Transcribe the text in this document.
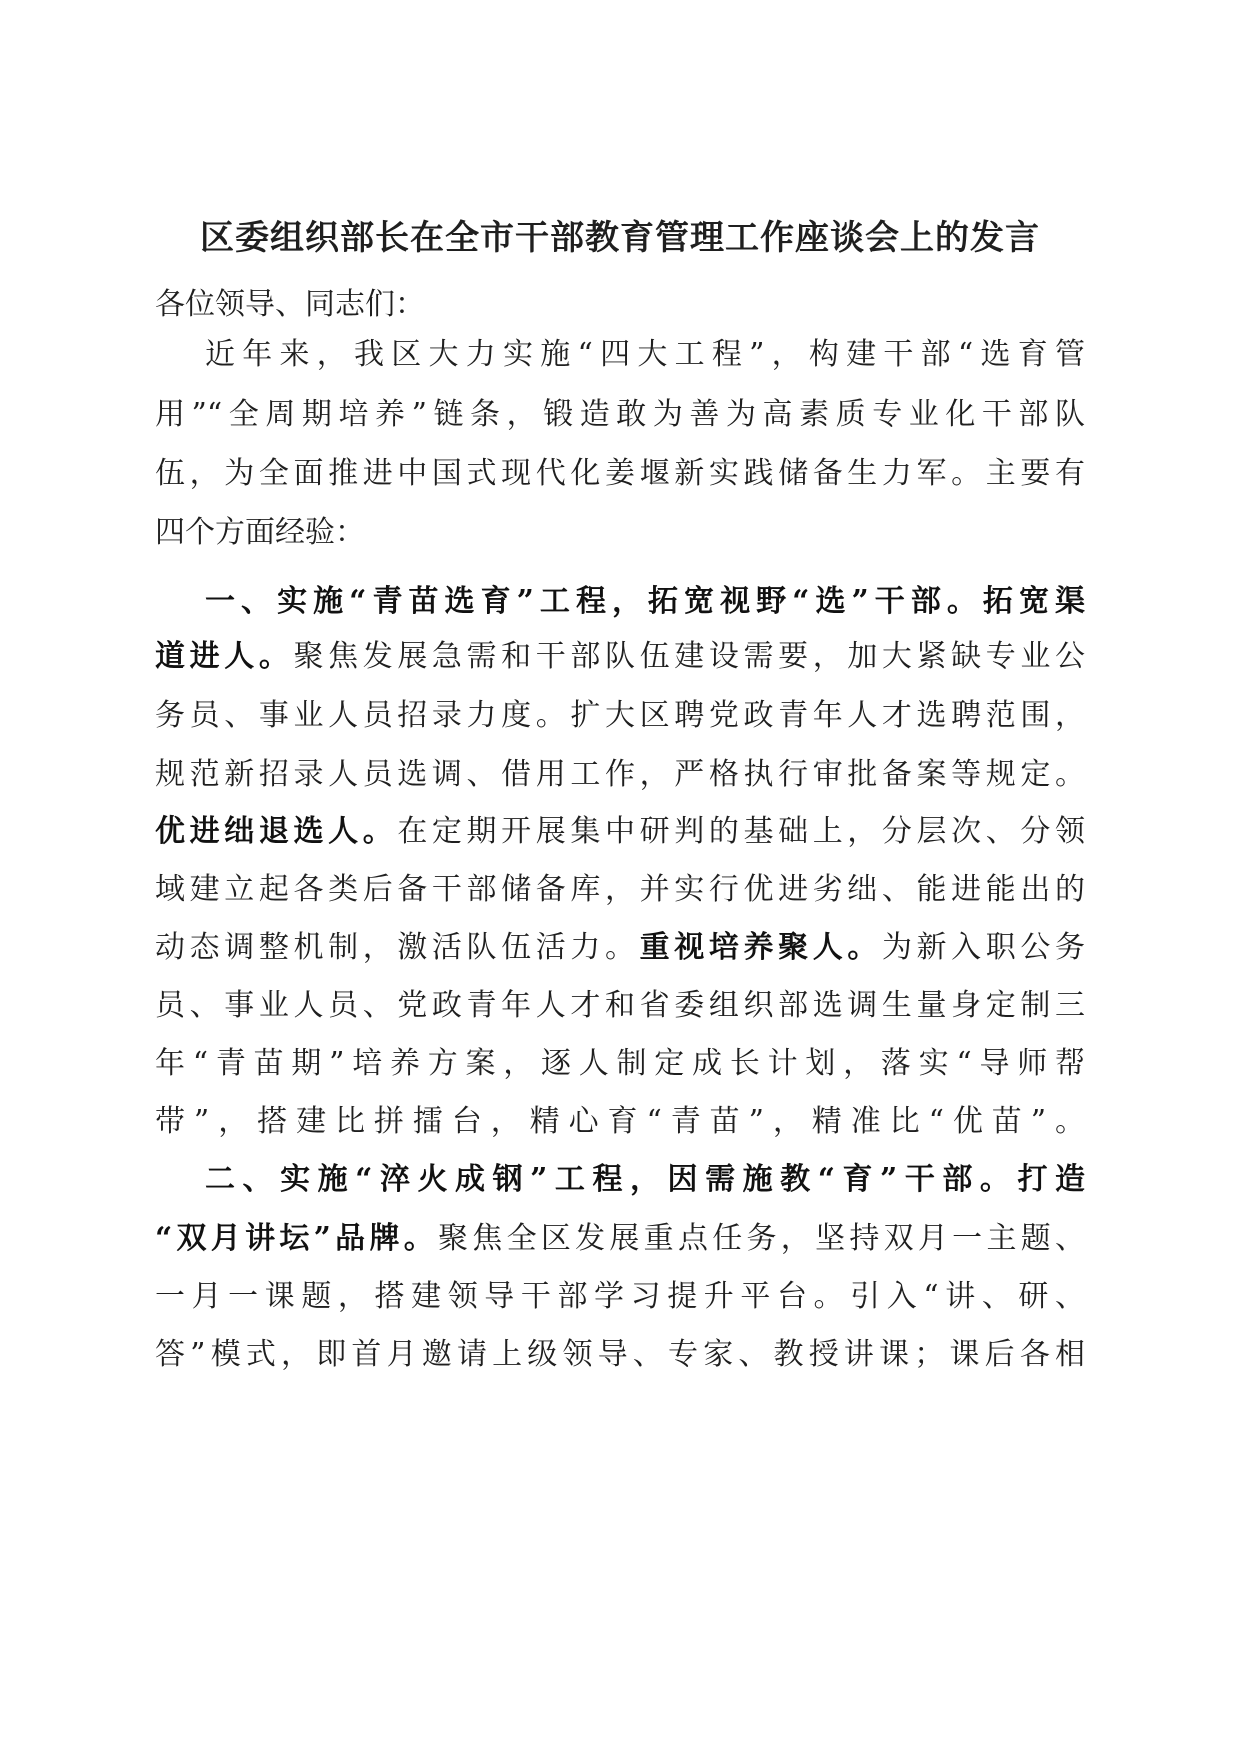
区委组织部长在全市干部教育管理工作座谈会上的发言

各位领导、同志们：

近年来，我区大力实施“四大工程”，构建干部“选育管

用”“全周期培养”链条，锻造敢为善为高素质专业化干部队

伍，为全面推进中国式现代化姜堰新实践储备生力军。主要有

四个方面经验：

一、实施“青苗选育”工程，拓宽视野“选”干部。拓宽渠

道进人。聚焦发展急需和干部队伍建设需要，加大紧缺专业公

务员、事业人员招录力度。扩大区聘党政青年人才选聘范围，

规范新招录人员选调、借用工作，严格执行审批备案等规定。

优进绌退选人。在定期开展集中研判的基础上，分层次、分领

域建立起各类后备干部储备库，并实行优进劣绌、能进能出的

动态调整机制，激活队伍活力。重视培养聚人。为新入职公务

员、事业人员、党政青年人才和省委组织部选调生量身定制三

年“青苗期”培养方案，逐人制定成长计划，落实“导师帮

带”，搭建比拼擂台，精心育“青苗”，精准比“优苗”。

二、实施“淬火成钢”工程，因需施教“育”干部。打造

“双月讲坛”品牌。聚焦全区发展重点任务，坚持双月一主题、

一月一课题，搭建领导干部学习提升平台。引入“讲、研、

答”模式，即首月邀请上级领导、专家、教授讲课；课后各相
